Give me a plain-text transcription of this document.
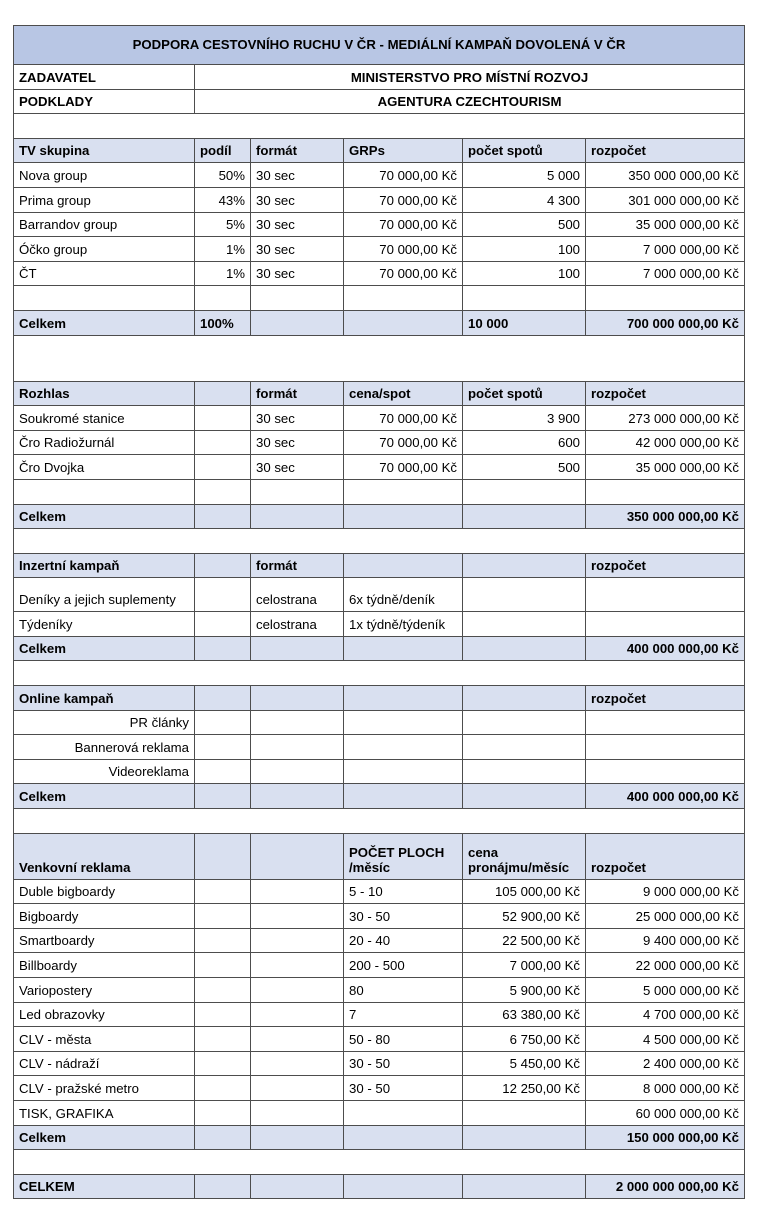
PODPORA CESTOVNÍHO RUCHU V ČR - MEDIÁLNÍ KAMPAŇ DOVOLENÁ V ČR					
ZADAVATEL	MINISTERSTVO PRO MÍSTNÍ ROZVOJ				
PODKLADY	AGENTURA CZECHTOURISM				

TV skupina	podíl	formát	GRPs	počet spotů	rozpočet
Nova group	50%	30 sec	70 000,00 Kč	5 000	350 000 000,00 Kč
Prima group	43%	30 sec	70 000,00 Kč	4 300	301 000 000,00 Kč
Barrandov group	5%	30 sec	70 000,00 Kč	500	35 000 000,00 Kč
Óčko group	1%	30 sec	70 000,00 Kč	100	7 000 000,00 Kč
ČT	1%	30 sec	70 000,00 Kč	100	7 000 000,00 Kč

Celkem	100%			10 000	700 000 000,00 Kč

Rozhlas		formát	cena/spot	počet spotů	rozpočet
Soukromé stanice		30 sec	70 000,00 Kč	3 900	273 000 000,00 Kč
Čro Radiožurnál		30 sec	70 000,00 Kč	600	42 000 000,00 Kč
Čro Dvojka		30 sec	70 000,00 Kč	500	35 000 000,00 Kč

Celkem					350 000 000,00 Kč

Inzertní kampaň		formát			rozpočet
Deníky a jejich suplementy		celostrana	6x týdně/deník		
Týdeníky		celostrana	1x týdně/týdeník		
Celkem					400 000 000,00 Kč

Online kampaň					rozpočet
PR články					
Bannerová reklama					
Videoreklama					
Celkem					400 000 000,00 Kč

Venkovní reklama			POČET PLOCH /měsíc	cena pronájmu/měsíc	rozpočet
Duble bigboardy			5 - 10	105 000,00 Kč	9 000 000,00 Kč
Bigboardy			30 - 50	52 900,00 Kč	25 000 000,00 Kč
Smartboardy			20 - 40	22 500,00 Kč	9 400 000,00 Kč
Billboardy			200 - 500	7 000,00 Kč	22 000 000,00 Kč
Variopostery			80	5 900,00 Kč	5 000 000,00 Kč
Led obrazovky			7	63 380,00 Kč	4 700 000,00 Kč
CLV - města			50 - 80	6 750,00 Kč	4 500 000,00 Kč
CLV - nádraží			30 - 50	5 450,00 Kč	2 400 000,00 Kč
CLV - pražské metro			30 - 50	12 250,00 Kč	8 000 000,00 Kč
TISK, GRAFIKA					60 000 000,00 Kč
Celkem					150 000 000,00 Kč

CELKEM					2 000 000 000,00 Kč
